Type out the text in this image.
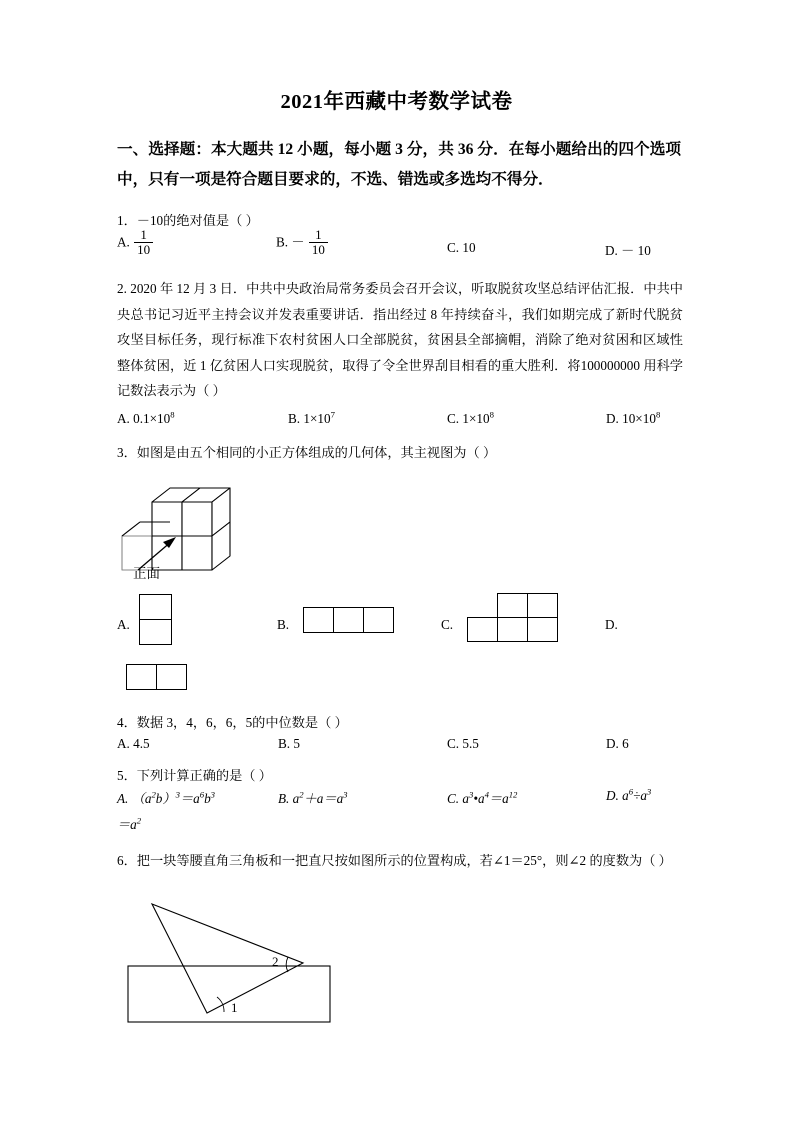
2021年西藏中考数学试卷
一、选择题：本大题共 12 小题，每小题 3 分，共 36 分．在每小题给出的四个选项中，只有一项是符合题目要求的，不选、错选或多选均不得分．
1．－10的绝对值是（ ）
A. $\frac{1}{10}$	B. － $\frac{1}{10}$	C. 10	D. － 10
2. 2020 年 12 月 3 日．中共中央政治局常务委员会召开会议，听取脱贫攻坚总结评估汇报．中共中央总书记习近平主持会议并发表重要讲话．指出经过 8 年持续奋斗，我们如期完成了新时代脱贫攻坚目标任务，现行标准下农村贫困人口全部脱贫，贫困县全部摘帽，消除了绝对贫困和区域性整体贫困，近 1 亿贫困人口实现脱贫，取得了令全世界刮目相看的重大胜利．将100000000 用科学记数法表示为（ ）
A. $0.1\times 10^8$	B. $1\times 10^7$	C. $1\times 10^8$	D. $10\times 10^8$
3．如图是由五个相同的小正方体组成的几何体，其主视图为（ ）
正面
A.	B.	C.	D.
4．数据 3，4，6，6，5的中位数是（ ）
A. 4.5	B. 5	C. 5.5	D. 6
5．下列计算正确的是（ ）
A. $(a^2b)^3=a^6b^3$	B. $a^2+a=a^3$	C. $a^3•a^4=a^{12}$	D. $a^6\div a^3$
$=a^2$
6．把一块等腰直角三角板和一把直尺按如图所示的位置构成，若∠1＝25°，则∠2 的度数为（ ）
2
1
